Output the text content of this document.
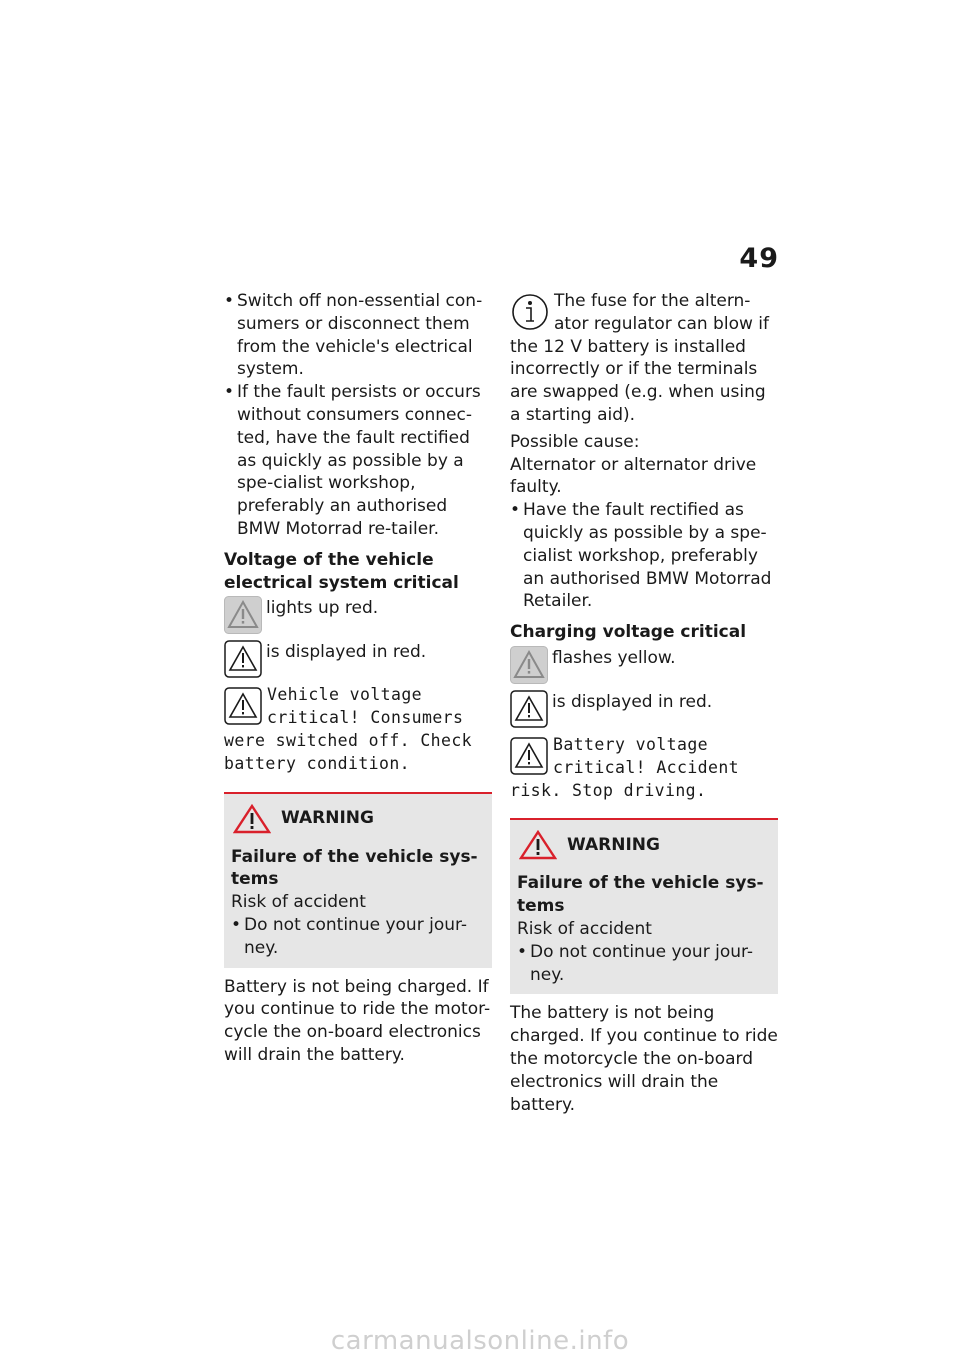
49
• Switch off non-essential con- sumers or disconnect them from the vehicle's electrical system.
• If the fault persists or occurs without consumers connec-ted, have the fault rectified as quickly as possible by a spe-cialist workshop, preferably an authorised BMW Motorrad re-tailer.
Voltage of the vehicle electrical system critical
lights up red.
is displayed in red.
Vehicle voltage critical! Consumers were switched off. Check battery condition.
WARNING
Failure of the vehicle sys-tems
Risk of accident
• Do not continue your jour-ney.
Battery is not being charged. If you continue to ride the motor-cycle the on-board electronics will drain the battery.
The fuse for the altern-ator regulator can blow if the 12 V battery is installed incorrectly or if the terminals are swapped (e.g. when using a starting aid).
Possible cause:
Alternator or alternator drive faulty.
• Have the fault rectified as quickly as possible by a spe-cialist workshop, preferably an authorised BMW Motorrad Retailer.
Charging voltage critical
flashes yellow.
is displayed in red.
Battery voltage critical! Accident risk. Stop driving.
WARNING
Failure of the vehicle sys-tems
Risk of accident
• Do not continue your jour-ney.
The battery is not being charged. If you continue to ride the motorcycle the on-board electronics will drain the battery.
carmanualsonline.info
